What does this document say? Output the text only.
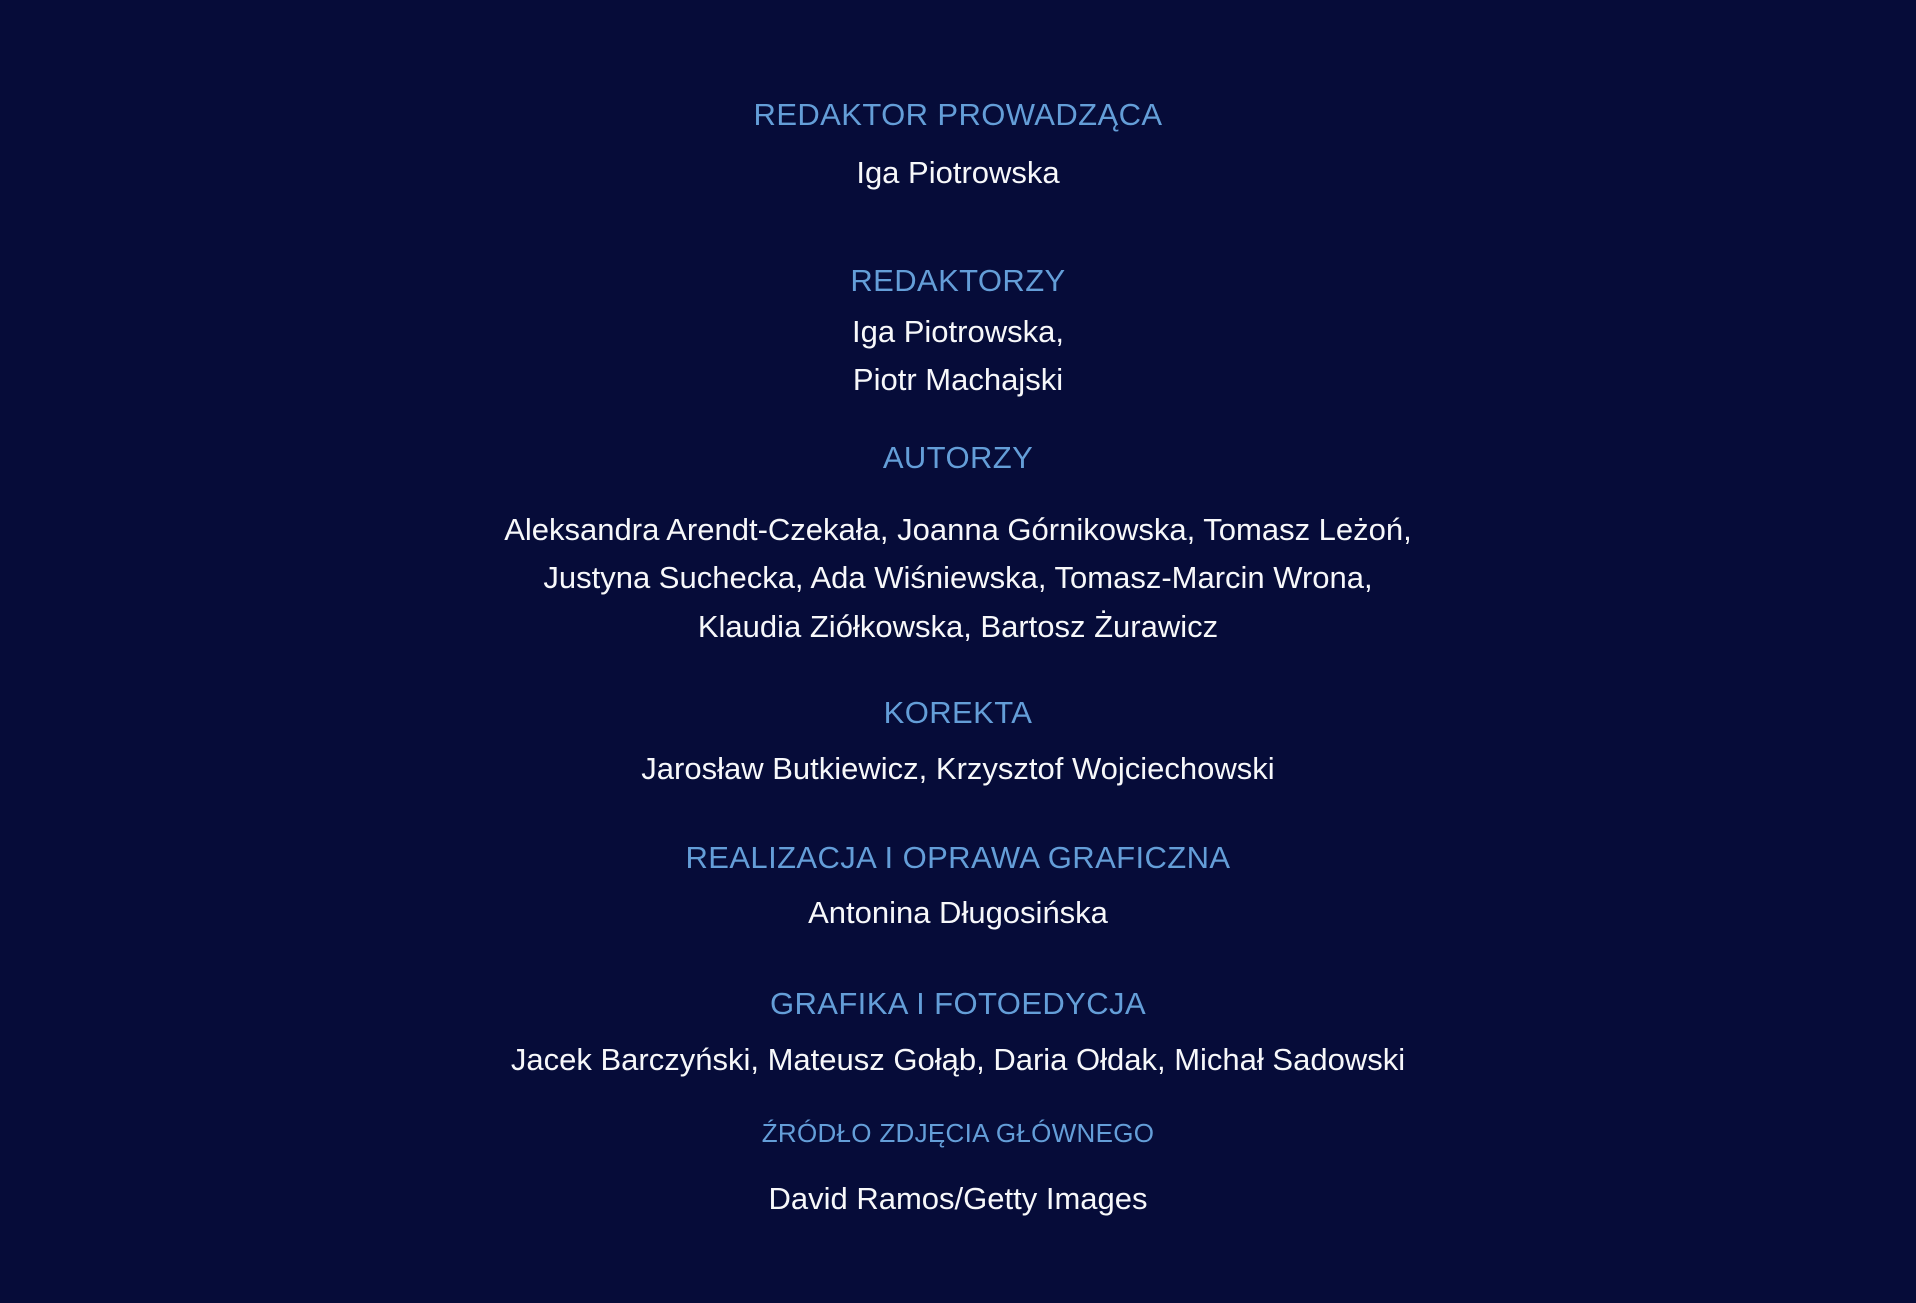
REDAKTOR PROWADZĄCA
Iga Piotrowska
REDAKTORZY
Iga Piotrowska,
Piotr Machajski
AUTORZY
Aleksandra Arendt-Czekała, Joanna Górnikowska, Tomasz Leżoń,
Justyna Suchecka, Ada Wiśniewska, Tomasz-Marcin Wrona,
Klaudia Ziółkowska, Bartosz Żurawicz
KOREKTA
Jarosław Butkiewicz, Krzysztof Wojciechowski
REALIZACJA I OPRAWA GRAFICZNA
Antonina Długosińska
GRAFIKA I FOTOEDYCJA
Jacek Barczyński, Mateusz Gołąb, Daria Ołdak, Michał Sadowski
ŹRÓDŁO ZDJĘCIA GŁÓWNEGO
David Ramos/Getty Images
